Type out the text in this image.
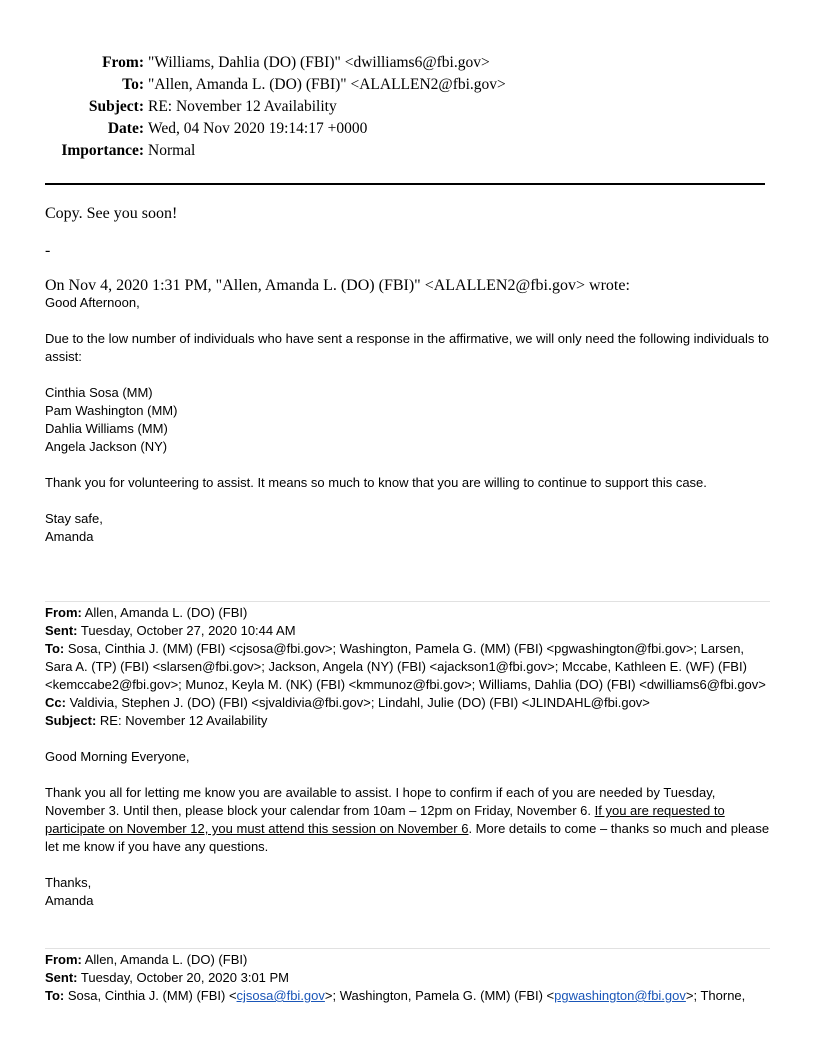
From: "Williams, Dahlia (DO) (FBI)" <dwilliams6@fbi.gov>
To: "Allen, Amanda L. (DO) (FBI)" <ALALLEN2@fbi.gov>
Subject: RE: November 12 Availability
Date: Wed, 04 Nov 2020 19:14:17 +0000
Importance: Normal
Copy. See you soon!
-
On Nov 4, 2020 1:31 PM, "Allen, Amanda L. (DO) (FBI)" <ALALLEN2@fbi.gov> wrote:

Good Afternoon,

Due to the low number of individuals who have sent a response in the affirmative, we will only need the following individuals to assist:

Cinthia Sosa (MM)

Pam Washington (MM)

Dahlia Williams (MM)

Angela Jackson (NY)

Thank you for volunteering to assist. It means so much to know that you are willing to continue to support this case.

Stay safe,

Amanda

From: Allen, Amanda L. (DO) (FBI)
Sent: Tuesday, October 27, 2020 10:44 AM
To: Sosa, Cinthia J. (MM) (FBI) <cjsosa@fbi.gov>; Washington, Pamela G. (MM) (FBI) <pgwashington@fbi.gov>; Larsen, Sara A. (TP) (FBI) <slarsen@fbi.gov>; Jackson, Angela (NY) (FBI) <ajackson1@fbi.gov>; Mccabe, Kathleen E. (WF) (FBI) <kemccabe2@fbi.gov>; Munoz, Keyla M. (NK) (FBI) <kmmunoz@fbi.gov>; Williams, Dahlia (DO) (FBI) <dwilliams6@fbi.gov>
Cc: Valdivia, Stephen J. (DO) (FBI) <sjvaldivia@fbi.gov>; Lindahl, Julie (DO) (FBI) <JLINDAHL@fbi.gov>
Subject: RE: November 12 Availability
Good Morning Everyone,
Thank you all for letting me know you are available to assist. I hope to confirm if each of you are needed by Tuesday, November 3. Until then, please block your calendar from 10am – 12pm on Friday, November 6. If you are requested to participate on November 12, you must attend this session on November 6. More details to come – thanks so much and please let me know if you have any questions.
Thanks,
Amanda
From: Allen, Amanda L. (DO) (FBI)
Sent: Tuesday, October 20, 2020 3:01 PM
To: Sosa, Cinthia J. (MM) (FBI) <cjsosa@fbi.gov>; Washington, Pamela G. (MM) (FBI) <pgwashington@fbi.gov>; Thorne,
